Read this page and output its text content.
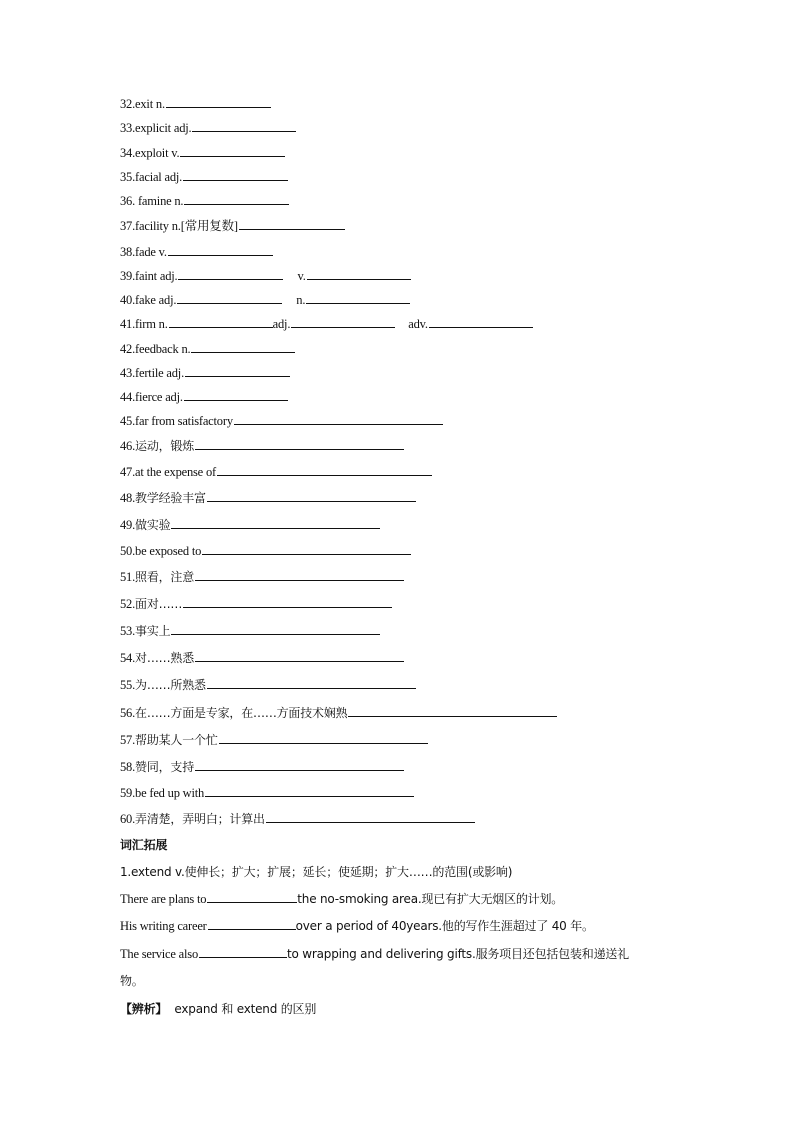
32.exit n.
33.explicit adj.
34.exploit v.
35.facial adj.
36. famine n.
37.facility n.[常用复数]
38.fade v.
39.faint adj.	v.
40.fake adj.	n.
41.firm n.	adj.	adv.
42.feedback n.
43.fertile adj.
44.fierce adj.
45.far from satisfactory
46.运动，锻炼
47.at the expense of
48.教学经验丰富
49.做实验
50.be exposed to
51.照看，注意
52.面对……
53.事实上
54.对……熟悉
55.为……所熟悉
56.在……方面是专家，在……方面技术娴熟
57.帮助某人一个忙
58.赞同，支持
59.be fed up with
60.弄清楚，弄明白；计算出
词汇拓展
1.extend v.使伸长；扩大；扩展；延长；使延期；扩大……的范围(或影响)
There are plans to	the no-smoking area.现已有扩大无烟区的计划。
His writing career	over a period of 40years.他的写作生涯超过了 40 年。
The service also	to wrapping and delivering gifts.服务项目还包括包装和递送礼
物。
【辨析】  expand 和 extend 的区别
